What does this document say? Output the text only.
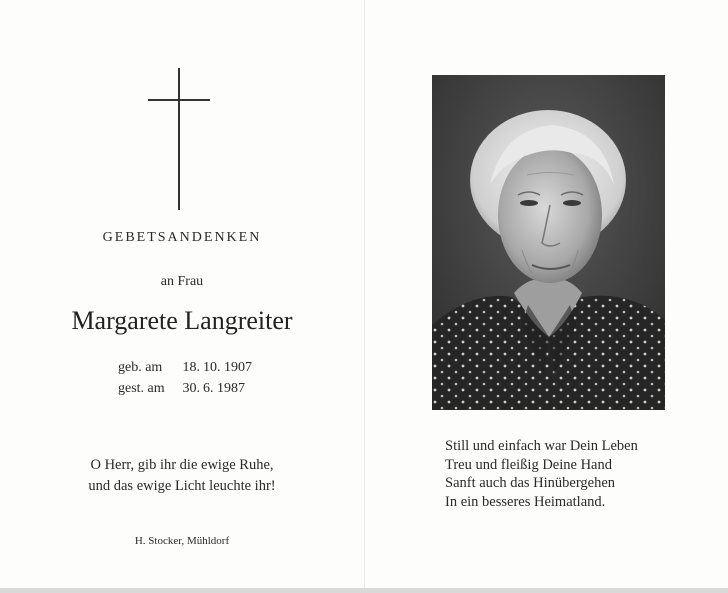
GEBETSANDENKEN
an Frau
Margarete Langreiter
geb. am	18. 10. 1907
gest. am	30. 6. 1987
O Herr, gib ihr die ewige Ruhe,
und das ewige Licht leuchte ihr!
H. Stocker, Mühldorf
Still und einfach war Dein Leben
Treu und fleißig Deine Hand
Sanft auch das Hinübergehen
In ein besseres Heimatland.
